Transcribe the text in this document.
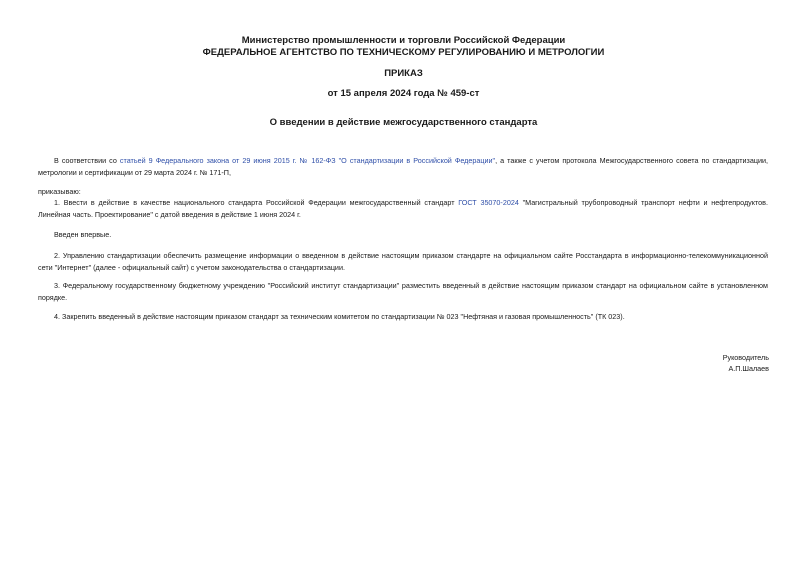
Министерство промышленности и торговли Российской Федерации
ФЕДЕРАЛЬНОЕ АГЕНТСТВО ПО ТЕХНИЧЕСКОМУ РЕГУЛИРОВАНИЮ И МЕТРОЛОГИИ
ПРИКАЗ
от 15 апреля 2024 года № 459-ст
О введении в действие межгосударственного стандарта
В соответствии со статьей 9 Федерального закона от 29 июня 2015 г. № 162-ФЗ "О стандартизации в Российской Федерации", а также с учетом протокола Межгосударственного совета по стандартизации, метрологии и сертификации от 29 марта 2024 г. № 171-П,
приказываю:
1. Ввести в действие в качестве национального стандарта Российской Федерации межгосударственный стандарт ГОСТ 35070-2024 "Магистральный трубопроводный транспорт нефти и нефтепродуктов. Линейная часть. Проектирование" с датой введения в действие 1 июня 2024 г.
Введен впервые.
2. Управлению стандартизации обеспечить размещение информации о введенном в действие настоящим приказом стандарте на официальном сайте Росстандарта в информационно-телекоммуникационной сети "Интернет" (далее - официальный сайт) с учетом законодательства о стандартизации.
3. Федеральному государственному бюджетному учреждению "Российский институт стандартизации" разместить введенный в действие настоящим приказом стандарт на официальном сайте в установленном порядке.
4. Закрепить введенный в действие настоящим приказом стандарт за техническим комитетом по стандартизации № 023 "Нефтяная и газовая промышленность" (ТК 023).
Руководитель
А.П.Шалаев
